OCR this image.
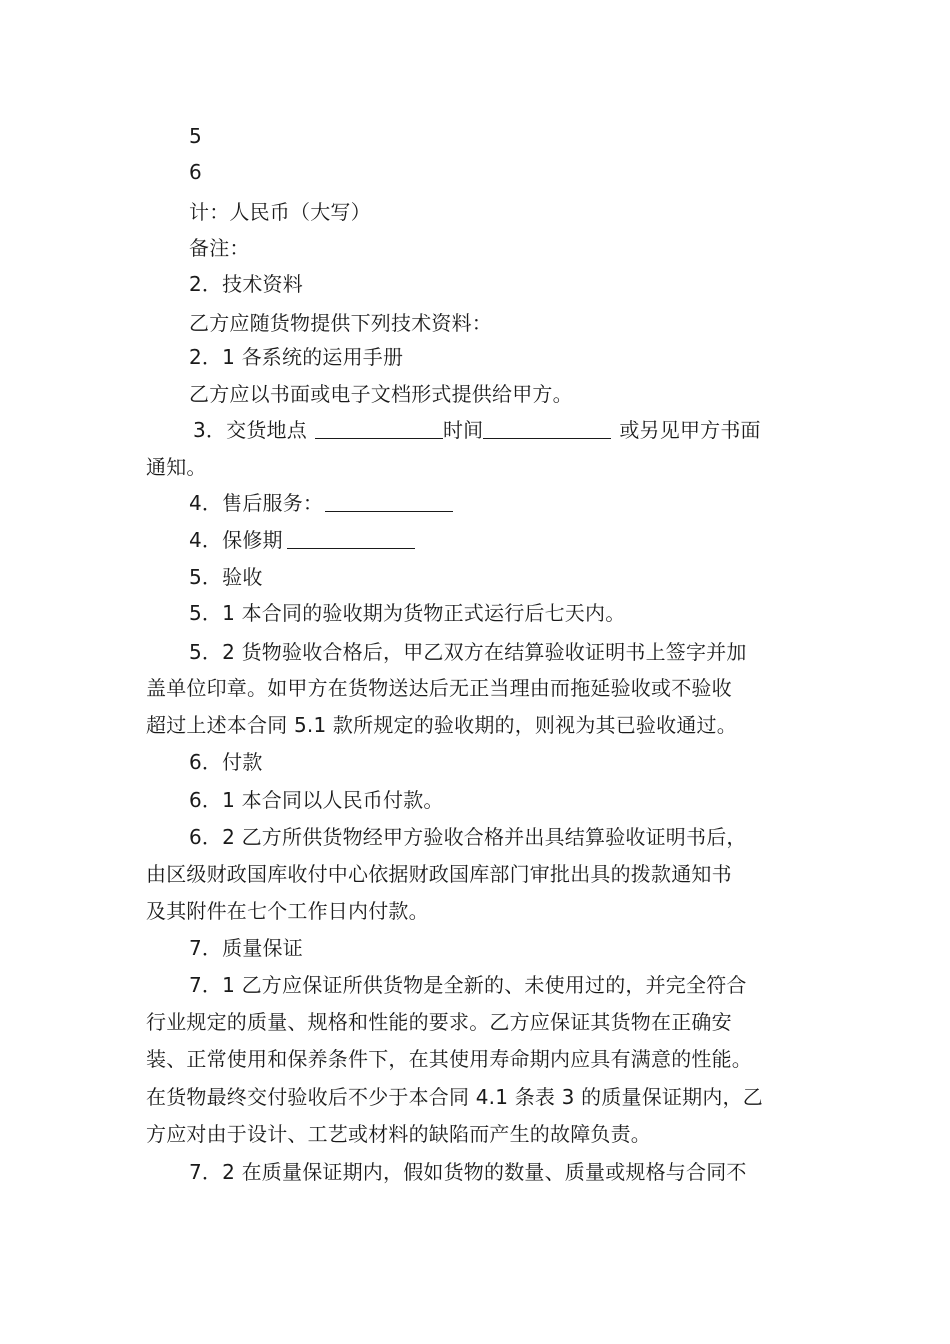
5
6
计：人民币（大写）
备注：
2．技术资料
乙方应随货物提供下列技术资料：
2．1 各系统的运用手册
乙方应以书面或电子文档形式提供给甲方。
3．交货地点	时间	或另见甲方书面
通知。
4．售后服务：
4．保修期
5．验收
5．1 本合同的验收期为货物正式运行后七天内。
5．2 货物验收合格后，甲乙双方在结算验收证明书上签字并加
盖单位印章。如甲方在货物送达后无正当理由而拖延验收或不验收
超过上述本合同 5.1 款所规定的验收期的，则视为其已验收通过。
6．付款
6．1 本合同以人民币付款。
6．2 乙方所供货物经甲方验收合格并出具结算验收证明书后，
由区级财政国库收付中心依据财政国库部门审批出具的拨款通知书
及其附件在七个工作日内付款。
7．质量保证
7．1 乙方应保证所供货物是全新的、未使用过的，并完全符合
行业规定的质量、规格和性能的要求。乙方应保证其货物在正确安
装、正常使用和保养条件下，在其使用寿命期内应具有满意的性能。
在货物最终交付验收后不少于本合同 4.1 条表 3 的质量保证期内，乙
方应对由于设计、工艺或材料的缺陷而产生的故障负责。
7．2 在质量保证期内，假如货物的数量、质量或规格与合同不
